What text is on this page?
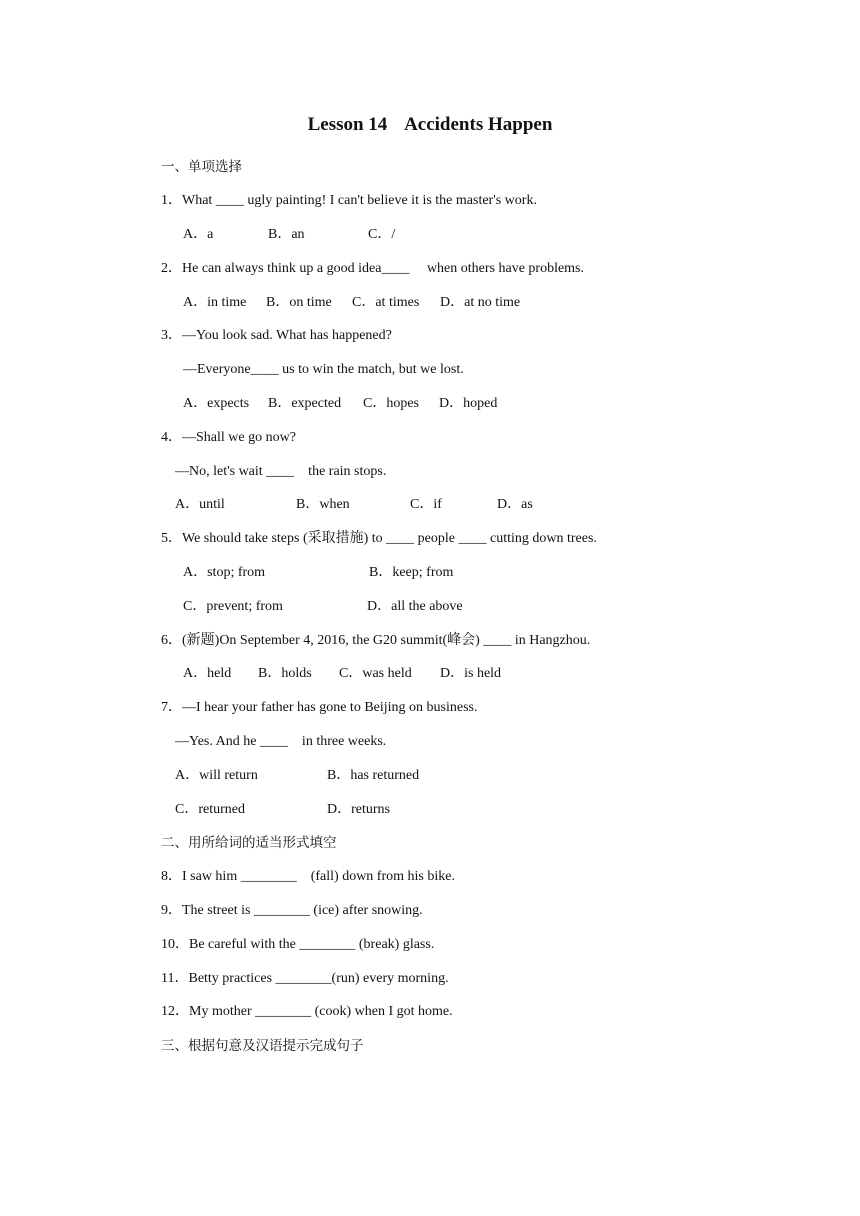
Lesson 14 Accidents Happen
一、单项选择
1．What ____ ugly painting! I can't believe it is the master's work.
A．a	B．an	C．/
2．He can always think up a good idea____     when others have problems.
A．in time B．on time C．at times D．at no time
3．—You look sad. What has happened?
—Everyone____ us to win the match, but we lost.
A．expects B．expected C．hopes D．hoped
4．—Shall we go now?
—No, let's wait ____    the rain stops.
A．until	B．when	C．if	D．as
5．We should take steps (采取措施) to ____ people ____ cutting down trees.
A．stop; from	B．keep; from
C．prevent; from	D．all the above
6．(新题)On September 4, 2016, the G20 summit(峰会) ____ in Hangzhou.
A．held B．holds C．was held D．is held
7．—I hear your father has gone to Beijing on business.
—Yes. And he ____    in three weeks.
A．will return	B．has returned
C．returned	D．returns
二、用所给词的适当形式填空
8．I saw him ________    (fall) down from his bike.
9．The street is ________ (ice) after snowing.
10．Be careful with the ________ (break) glass.
11．Betty practices ________(run) every morning.
12．My mother ________ (cook) when I got home.
三、根据句意及汉语提示完成句子
